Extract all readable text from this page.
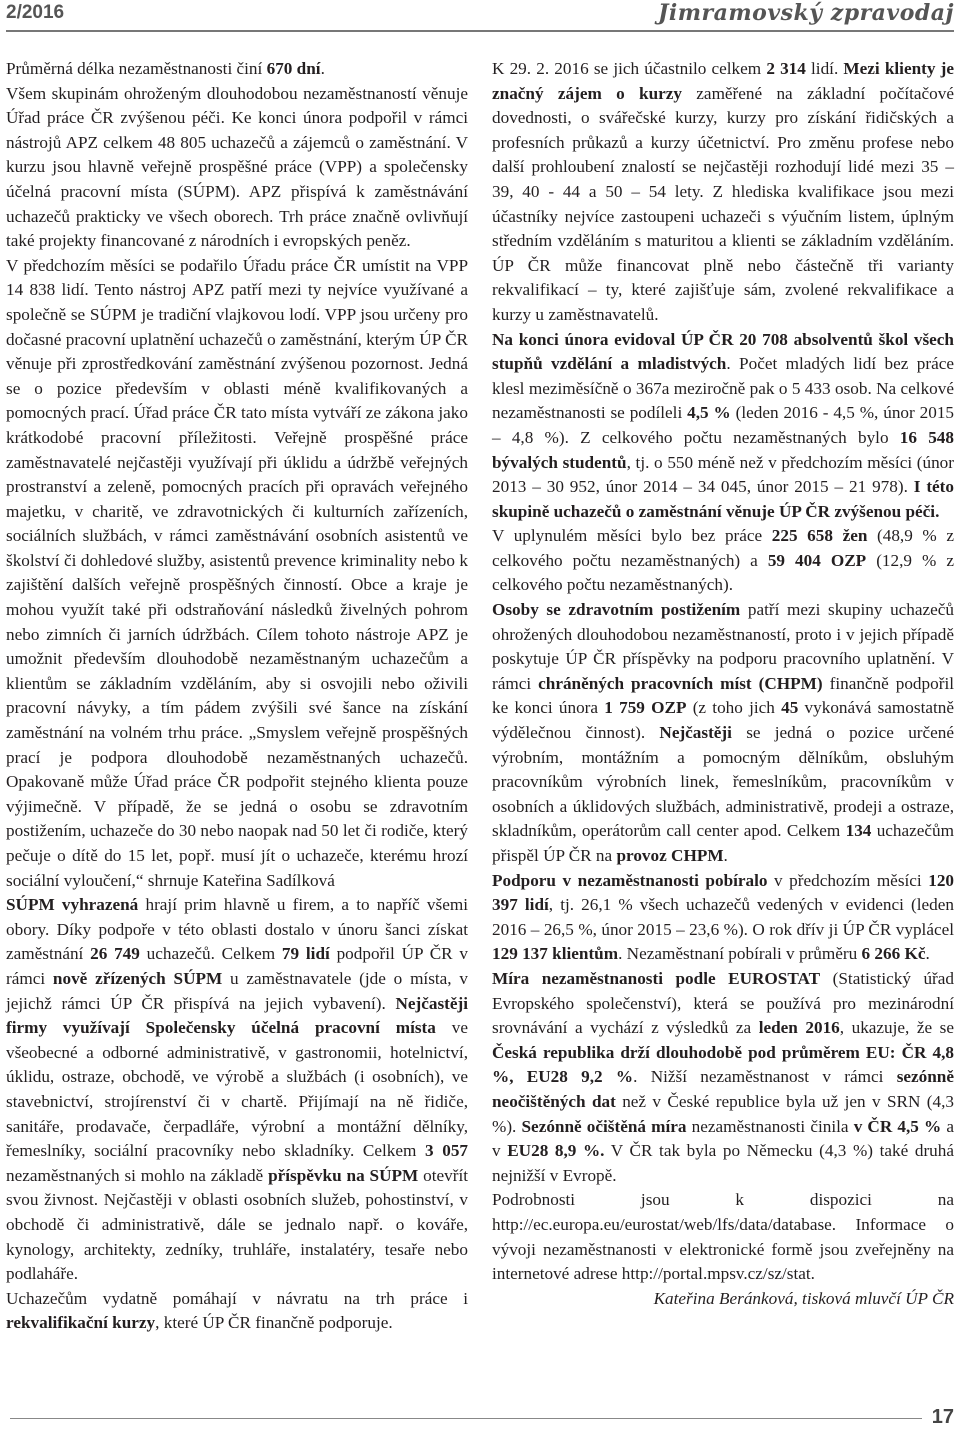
2/2016	Jimramovský zpravodaj

Průměrná délka nezaměstnanosti činí 670 dní.

Všem skupinám ohroženým dlouhodobou nezaměstnaností věnuje Úřad práce ČR zvýšenou péči. Ke konci února podpořil v rámci nástrojů APZ celkem 48 805 uchazečů a zájemců o zaměstnání. V kurzu jsou hlavně veřejně prospěšné práce (VPP) a společensky účelná pracovní místa (SÚPM). APZ přispívá k zaměstnávání uchazečů prakticky ve všech oborech. Trh práce značně ovlivňují také projekty financované z národních i evropských peněz.

V předchozím měsíci se podařilo Úřadu práce ČR umístit na VPP 14 838 lidí. Tento nástroj APZ patří mezi ty nejvíce využívané a společně se SÚPM je tradiční vlajkovou lodí. VPP jsou určeny pro dočasné pracovní uplatnění uchazečů o zaměstnání, kterým ÚP ČR věnuje při zprostředkování zaměstnání zvýšenou pozornost. Jedná se o pozice především v oblasti méně kvalifikovaných a pomocných prací. Úřad práce ČR tato místa vytváří ze zákona jako krátkodobé pracovní příležitosti. Veřejně prospěšné práce zaměstnavatelé nejčastěji využívají při úklidu a údržbě veřejných prostranství a zeleně, pomocných pracích při opravách veřejného majetku, v charitě, ve zdravotnických či kulturních zařízeních, sociálních službách, v rámci zaměstnávání osobních asistentů ve školství či dohledové služby, asistentů prevence kriminality nebo k zajištění dalších veřejně prospěšných činností. Obce a kraje je mohou využít také při odstraňování následků živelných pohrom nebo zimních či jarních údržbách. Cílem tohoto nástroje APZ je umožnit především dlouhodobě nezaměstnaným uchazečům a klientům se základním vzděláním, aby si osvojili nebo oživili pracovní návyky, a tím pádem zvýšili své šance na získání zaměstnání na volném trhu práce. „Smyslem veřejně prospěšných prací je podpora dlouhodobě nezaměstnaných uchazečů. Opakovaně může Úřad práce ČR podpořit stejného klienta pouze výjimečně. V případě, že se jedná o osobu se zdravotním postižením, uchazeče do 30 nebo naopak nad 50 let či rodiče, který pečuje o dítě do 15 let, popř. musí jít o uchazeče, kterému hrozí sociální vyloučení,“ shrnuje Kateřina Sadílková

SÚPM vyhrazená hrají prim hlavně u firem, a to napříč všemi obory. Díky podpoře v této oblasti dostalo v únoru šanci získat zaměstnání 26 749 uchazečů. Celkem 79 lidí podpořil ÚP ČR v rámci nově zřízených SÚPM u zaměstnavatele (jde o místa, v jejichž rámci ÚP ČR přispívá na jejich vybavení). Nejčastěji firmy využívají Společensky účelná pracovní místa ve všeobecné a odborné administrativě, v gastronomii, hotelnictví, úklidu, ostraze, obchodě, ve výrobě a službách (i osobních), ve stavebnictví, strojírenství či v chartě. Přijímají na ně řidiče, sanitáře, prodavače, čerpadláře, výrobní a montážní dělníky, řemeslníky, sociální pracovníky nebo skladníky. Celkem 3 057 nezaměstnaných si mohlo na základě příspěvku na SÚPM otevřít svou živnost. Nejčastěji v oblasti osobních služeb, pohostinství, v obchodě či administrativě, dále se jednalo např. o kováře, kynology, architekty, zedníky, truhláře, instalatéry, tesaře nebo podlaháře.

Uchazečům vydatně pomáhají v návratu na trh práce i rekvalifikační kurzy, které ÚP ČR finančně podporuje.

K 29. 2. 2016 se jich účastnilo celkem 2 314 lidí. Mezi klienty je značný zájem o kurzy zaměřené na základní počítačové dovednosti, o svářečské kurzy, kurzy pro získání řidičských a profesních průkazů a kurzy účetnictví. Pro změnu profese nebo další prohloubení znalostí se nejčastěji rozhodují lidé mezi 35 – 39, 40 - 44 a 50 – 54 lety. Z hlediska kvalifikace jsou mezi účastníky nejvíce zastoupeni uchazeči s výučním listem, úplným středním vzděláním s maturitou a klienti se základním vzděláním. ÚP ČR může financovat plně nebo částečně tři varianty rekvalifikací – ty, které zajišťuje sám, zvolené rekvalifikace a kurzy u zaměstnavatelů.

Na konci února evidoval ÚP ČR 20 708 absolventů škol všech stupňů vzdělání a mladistvých. Počet mladých lidí bez práce klesl meziměsíčně o 367a meziročně pak o 5 433 osob. Na celkové nezaměstnanosti se podíleli 4,5 % (leden 2016 - 4,5 %, únor 2015 – 4,8 %). Z celkového počtu nezaměstnaných bylo 16 548 bývalých studentů, tj. o 550 méně než v předchozím měsíci (únor 2013 – 30 952, únor 2014 – 34 045, únor 2015 – 21 978). I této skupině uchazečů o zaměstnání věnuje ÚP ČR zvýšenou péči.

V uplynulém měsíci bylo bez práce 225 658 žen (48,9 % z celkového počtu nezaměstnaných) a 59 404 OZP (12,9 % z celkového počtu nezaměstnaných).

Osoby se zdravotním postižením patří mezi skupiny uchazečů ohrožených dlouhodobou nezaměstnaností, proto i v jejich případě poskytuje ÚP ČR příspěvky na podporu pracovního uplatnění. V rámci chráněných pracovních míst (CHPM) finančně podpořil ke konci února 1 759 OZP (z toho jich 45 vykonává samostatně výdělečnou činnost). Nejčastěji se jedná o pozice určené výrobním, montážním a pomocným dělníkům, obsluhým pracovníkům výrobních linek, řemeslníkům, pracovníkům v osobních a úklidových službách, administrativě, prodeji a ostraze, skladníkům, operátorům call center apod. Celkem 134 uchazečům přispěl ÚP ČR na provoz CHPM.

Podporu v nezaměstnanosti pobíralo v předchozím měsíci 120 397 lidí, tj. 26,1 % všech uchazečů vedených v evidenci (leden 2016 – 26,5 %, únor 2015 – 23,6 %). O rok dřív ji ÚP ČR vyplácel 129 137 klientům. Nezaměstnaní pobírali v průměru 6 266 Kč.

Míra nezaměstnanosti podle EUROSTAT (Statistický úřad Evropského společenství), která se používá pro mezinárodní srovnávání a vychází z výsledků za leden 2016, ukazuje, že se Česká republika drží dlouhodobě pod průměrem EU: ČR 4,8 %, EU28 9,2 %. Nižší nezaměstnanost v rámci sezónně neočištěných dat než v České republice byla už jen v SRN (4,3 %). Sezónně očištěná míra nezaměstnanosti činila v ČR 4,5 % a v EU28 8,9 %. V ČR tak byla po Německu (4,3 %) také druhá nejnižší v Evropě.

Podrobnosti jsou k dispozici na http://ec.europa.eu/eurostat/web/lfs/data/database. Informace o vývoji nezaměstnanosti v elektronické formě jsou zveřejněny na internetové adrese http://portal.mpsv.cz/sz/stat.

Kateřina Beránková, tisková mluvčí ÚP ČR

17
